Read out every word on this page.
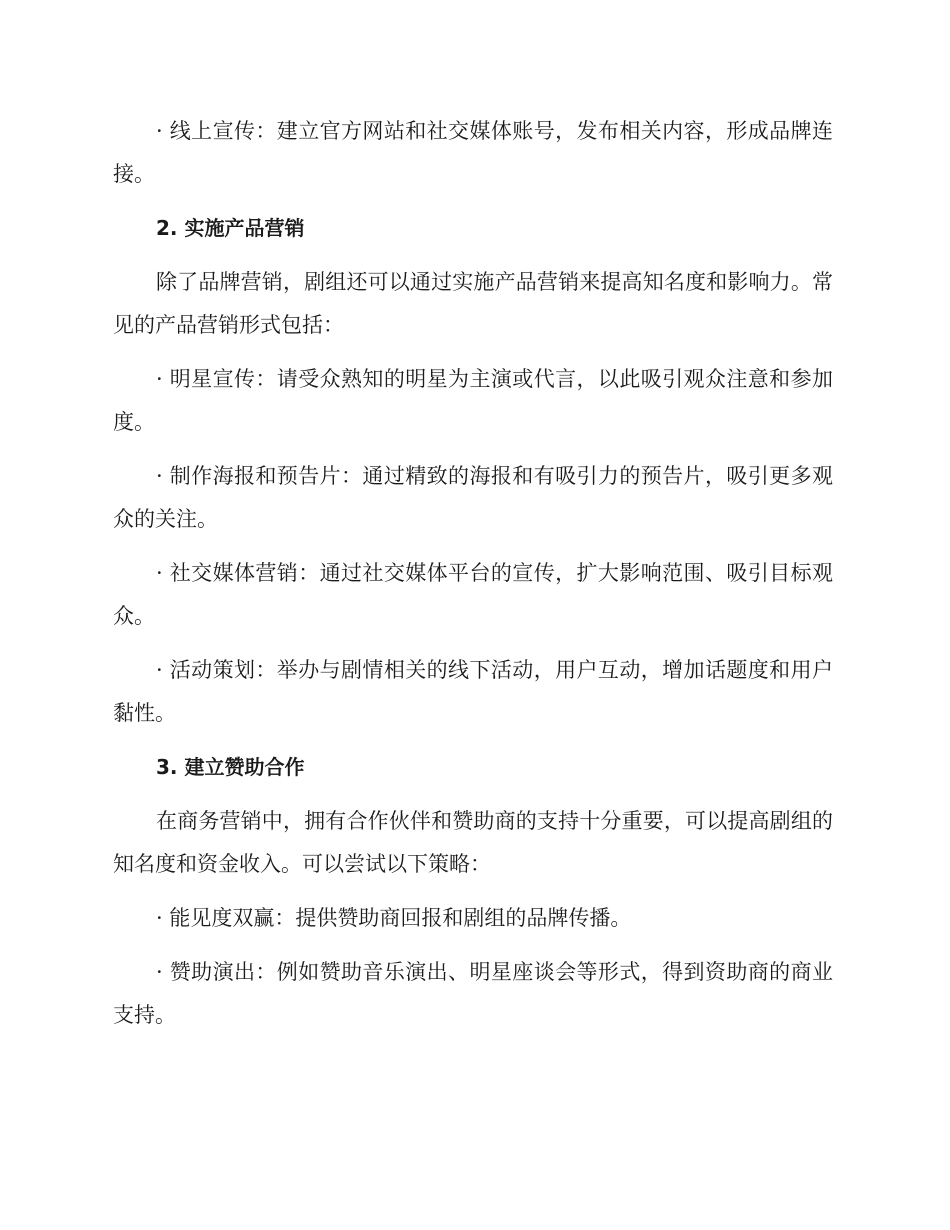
· 线上宣传：建立官方网站和社交媒体账号，发布相关内容，形成品牌连接。

2. 实施产品营销

除了品牌营销，剧组还可以通过实施产品营销来提高知名度和影响力。常见的产品营销形式包括：

· 明星宣传：请受众熟知的明星为主演或代言，以此吸引观众注意和参加度。

· 制作海报和预告片：通过精致的海报和有吸引力的预告片，吸引更多观众的关注。

· 社交媒体营销：通过社交媒体平台的宣传，扩大影响范围、吸引目标观众。

· 活动策划：举办与剧情相关的线下活动，用户互动，增加话题度和用户黏性。

3. 建立赞助合作

在商务营销中，拥有合作伙伴和赞助商的支持十分重要，可以提高剧组的知名度和资金收入。可以尝试以下策略：

· 能见度双赢：提供赞助商回报和剧组的品牌传播。

· 赞助演出：例如赞助音乐演出、明星座谈会等形式，得到资助商的商业支持。
